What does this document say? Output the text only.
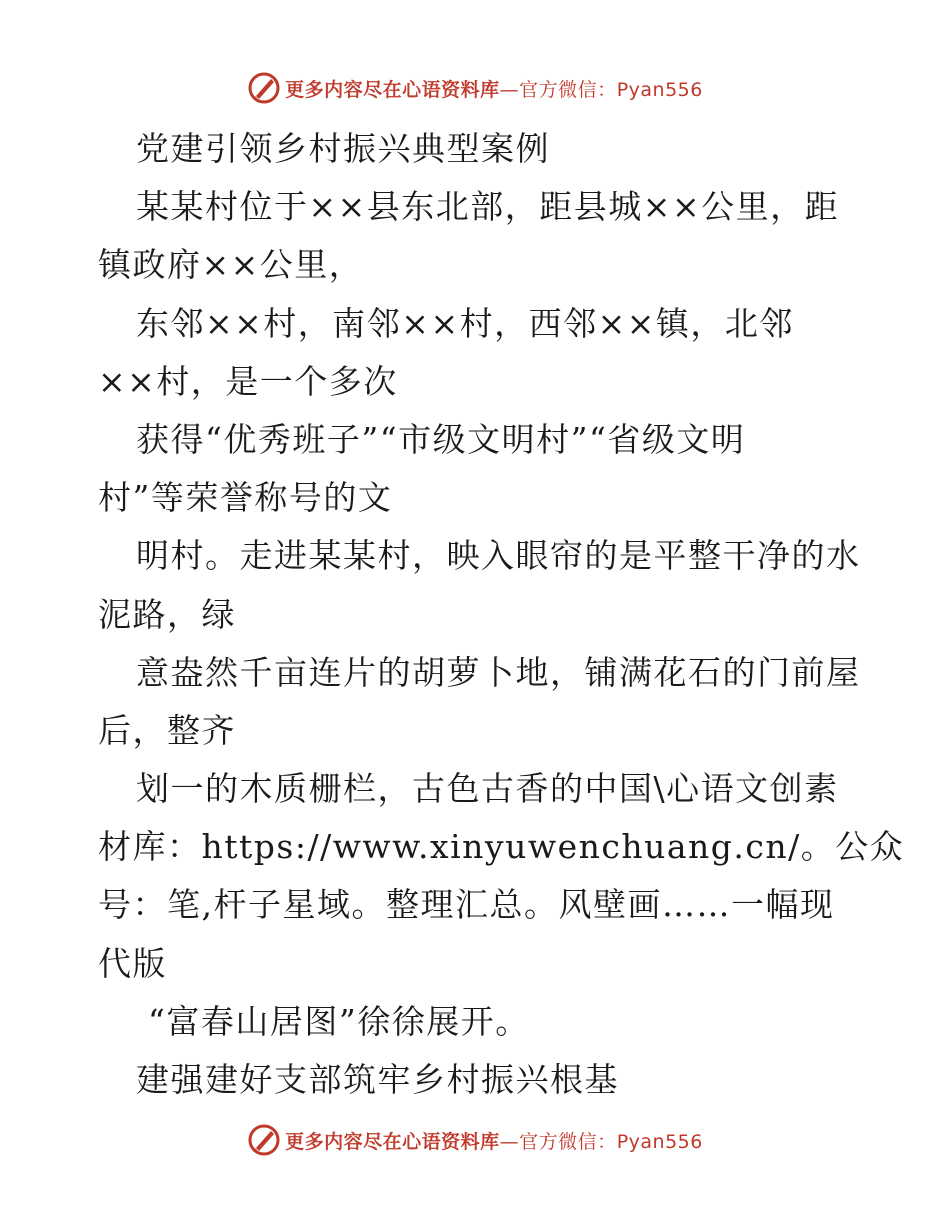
更多内容尽在心语资料库—官方微信：Pyan556
党建引领乡村振兴典型案例
某某村位于××县东北部，距县城××公里，距
镇政府××公里，
东邻××村，南邻××村，西邻××镇，北邻
××村，是一个多次
获得“优秀班子”“市级文明村”“省级文明
村”等荣誉称号的文
明村。走进某某村，映入眼帘的是平整干净的水
泥路，绿
意盎然千亩连片的胡萝卜地，铺满花石的门前屋
后，整齐
划一的木质栅栏，古色古香的中国\心语文创素
材库：https://www.xinyuwenchuang.cn/。公众
号：笔,杆子星域。整理汇总。风壁画……一幅现
代版
“富春山居图”徐徐展开。
建强建好支部筑牢乡村振兴根基
更多内容尽在心语资料库—官方微信：Pyan556
